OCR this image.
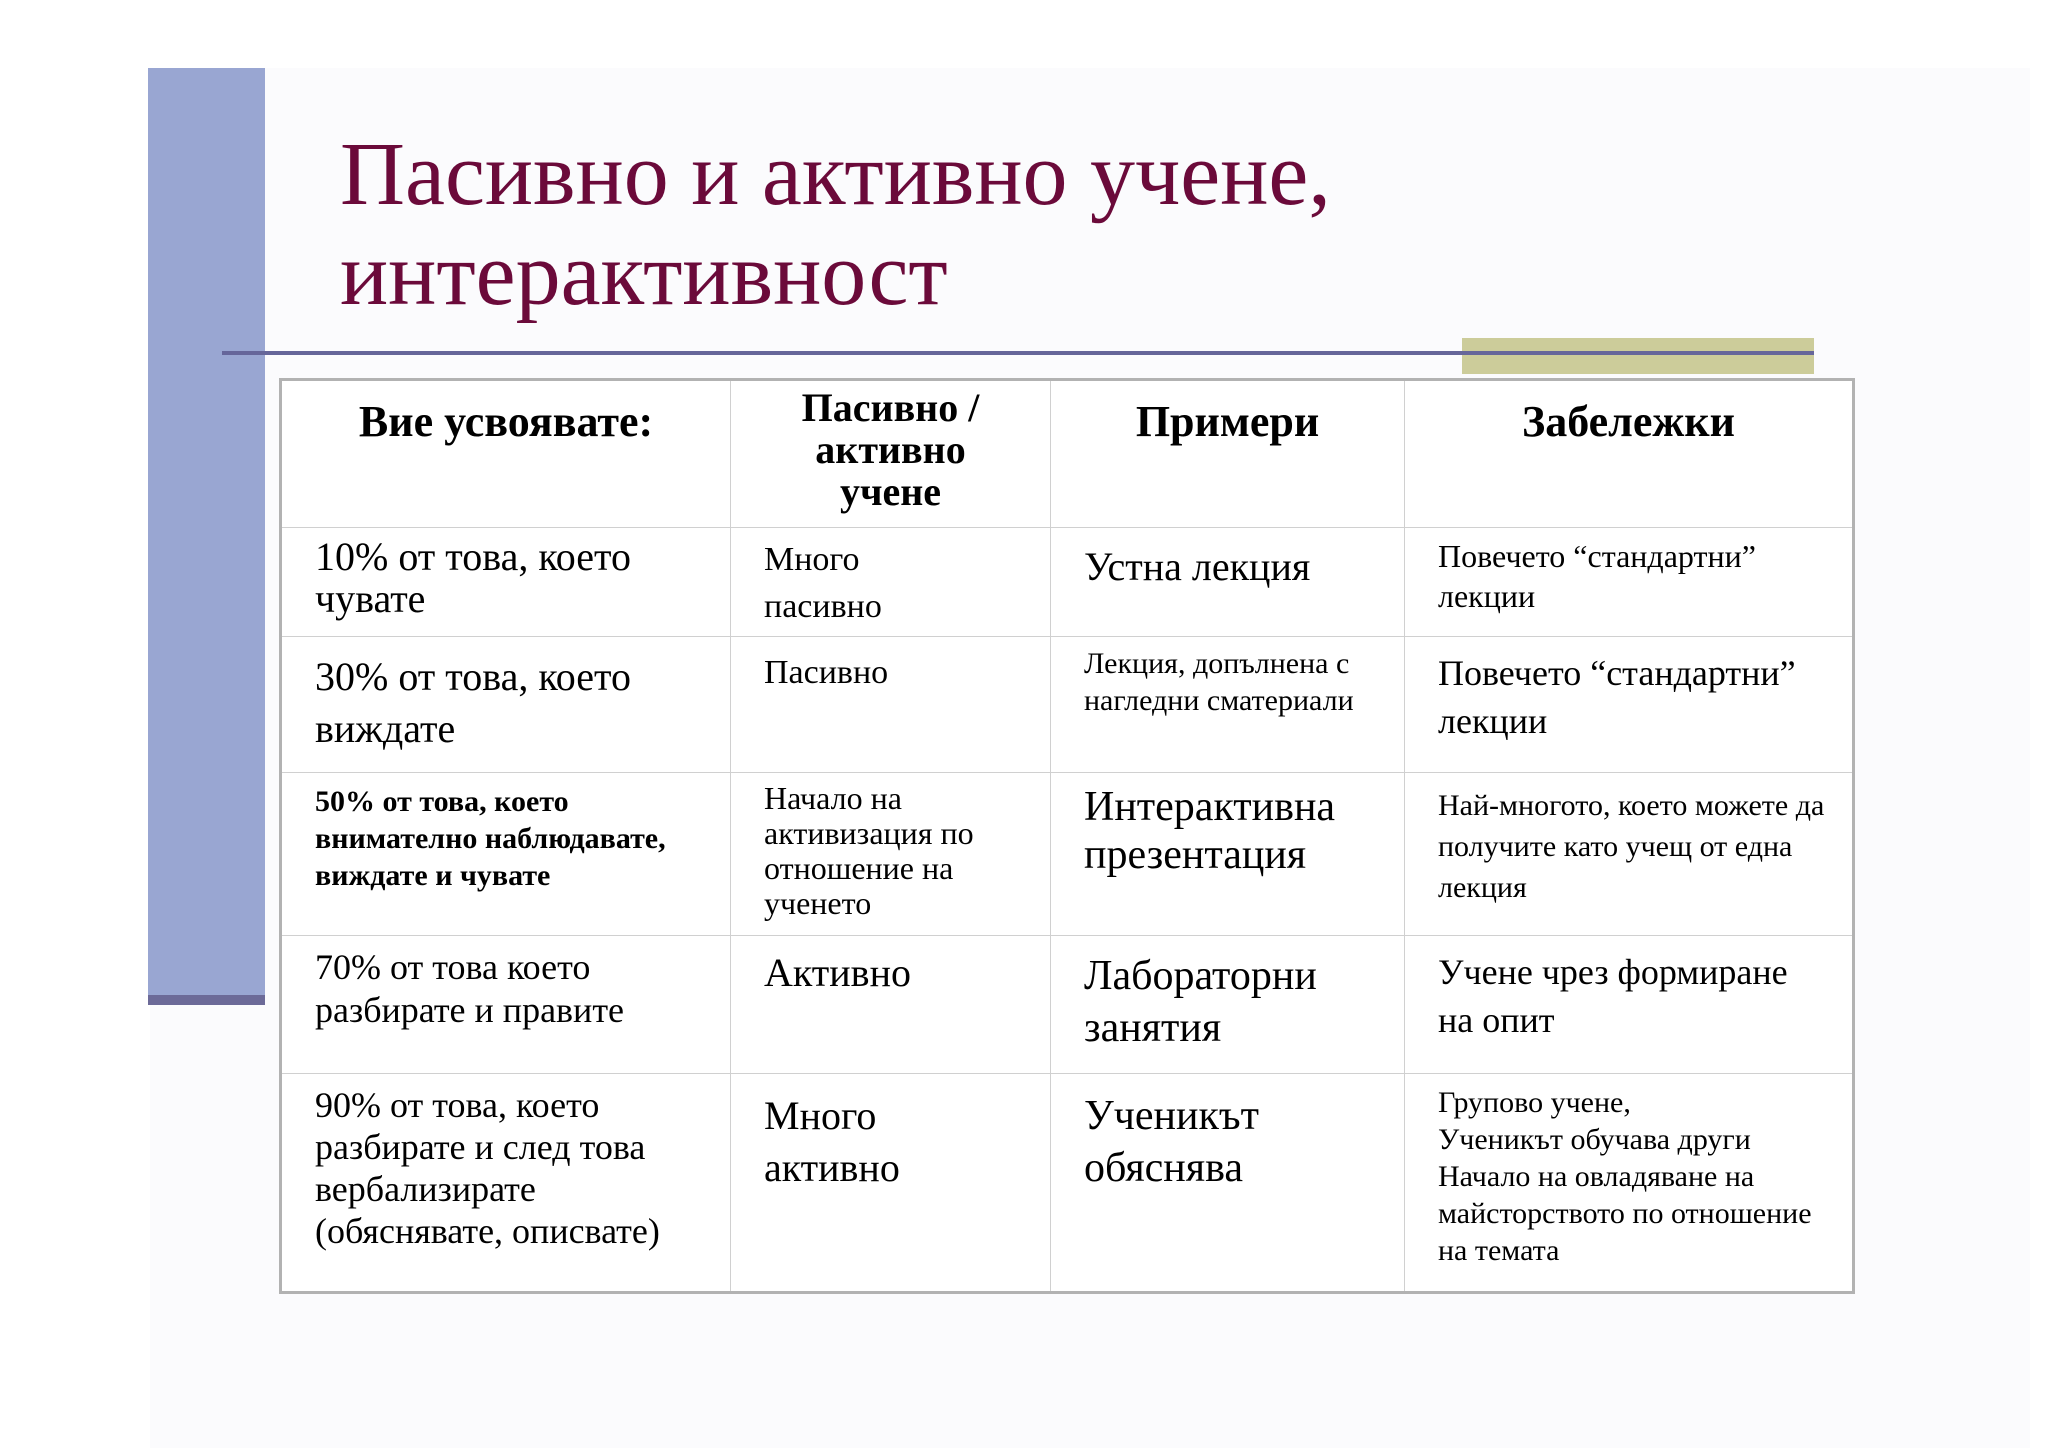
Пасивно и активно учене,
интерактивност
Вие усвоявате:	Пасивно / активно учене	Примери	Забележки

10% от това, което чувате	Много пасивно	Устна лекция	Повечето “стандартни” лекции

30% от това, което виждате	Пасивно	Лекция, допълнена с нагледни сматериали	Повечето “стандартни” лекции

50% от това, което внимателно наблюдавате, виждате и чувате	Начало на активизация по отношение на ученето	Интерактивна презентация	Най-многото, което можете да получите като учещ от една лекция

70% от това което разбирате и правите	Активно	Лабораторни занятия	Учене чрез формиране на опит

90% от това, което разбирате и след това вербализирате (обяснявате, описвате)	Много активно	Ученикът обяснява	Групово учене,
Ученикът обучава други
Начало на овладяване на майсторството по отношение на темата
